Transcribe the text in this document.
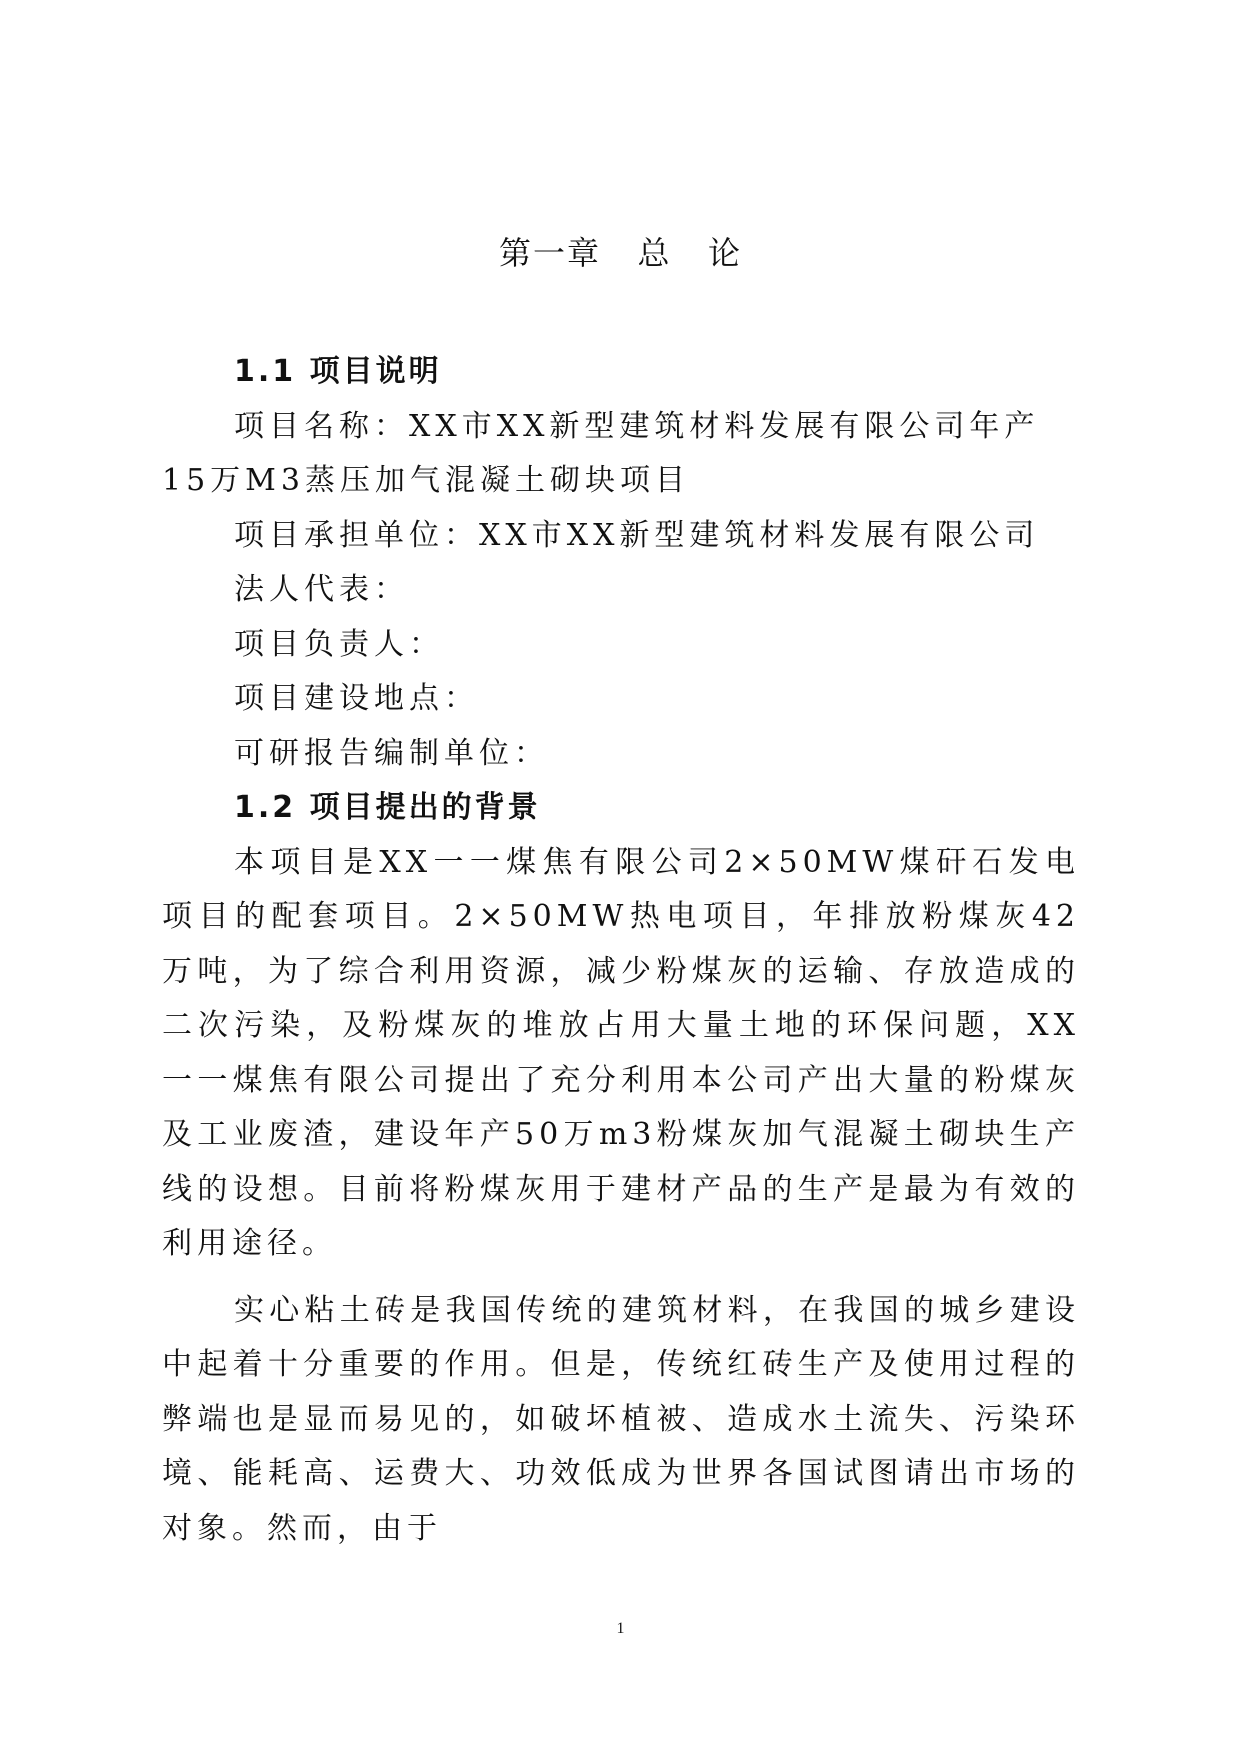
第一章   总   论
1.1 项目说明

项目名称：XX市XX新型建筑材料发展有限公司年产15万M3蒸压加气混凝土砌块项目

项目承担单位：XX市XX新型建筑材料发展有限公司

法人代表：

项目负责人：

项目建设地点：

可研报告编制单位：

1.2 项目提出的背景

本项目是XX一一煤焦有限公司2×50MW煤矸石发电项目的配套项目。2×50MW热电项目，年排放粉煤灰42万吨，为了综合利用资源，减少粉煤灰的运输、存放造成的二次污染，及粉煤灰的堆放占用大量土地的环保问题，XX一一煤焦有限公司提出了充分利用本公司产出大量的粉煤灰及工业废渣，建设年产50万m3粉煤灰加气混凝土砌块生产线的设想。目前将粉煤灰用于建材产品的生产是最为有效的利用途径。

实心粘土砖是我国传统的建筑材料，在我国的城乡建设中起着十分重要的作用。但是，传统红砖生产及使用过程的弊端也是显而易见的，如破坏植被、造成水土流失、污染环境、能耗高、运费大、功效低成为世界各国试图请出市场的对象。然而，由于

1
